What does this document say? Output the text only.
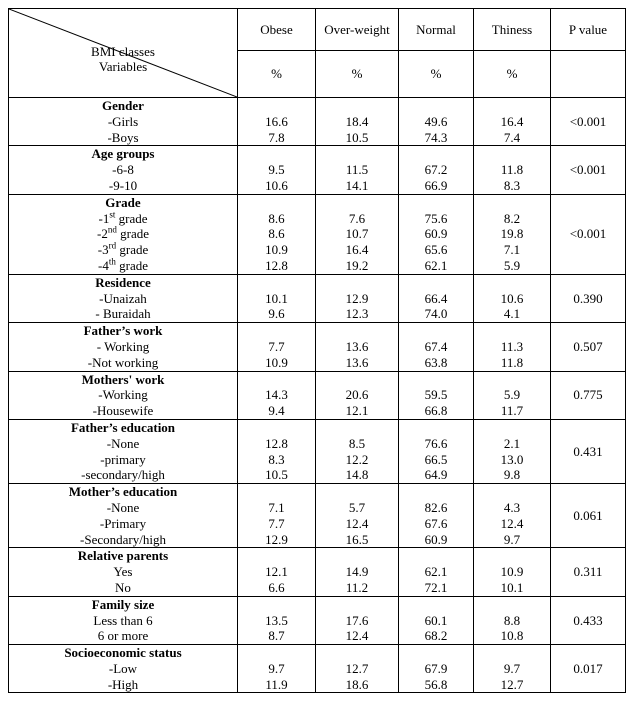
BMI classes
Variables	Obese	Over-weight	Normal	Thiness	P value
	%	%	%	%	
Gender					<0.001
-Girls	16.6	18.4	49.6	16.4	
-Boys	7.8	10.5	74.3	7.4	
Age groups					<0.001
-6-8	9.5	11.5	67.2	11.8	
-9-10	10.6	14.1	66.9	8.3	
Grade					<0.001
-1st grade	8.6	7.6	75.6	8.2	
-2nd grade	8.6	10.7	60.9	19.8	
-3rd grade	10.9	16.4	65.6	7.1	
-4th grade	12.8	19.2	62.1	5.9	
Residence					0.390
-Unaizah	10.1	12.9	66.4	10.6	
- Buraidah	9.6	12.3	74.0	4.1	
Father’s work					0.507
- Working	7.7	13.6	67.4	11.3	
-Not working	10.9	13.6	63.8	11.8	
Mothers' work					0.775
-Working	14.3	20.6	59.5	5.9	
-Housewife	9.4	12.1	66.8	11.7	
Father’s education					0.431
-None	12.8	8.5	76.6	2.1	
-primary	8.3	12.2	66.5	13.0	
-secondary/high	10.5	14.8	64.9	9.8	
Mother’s education					0.061
-None	7.1	5.7	82.6	4.3	
-Primary	7.7	12.4	67.6	12.4	
-Secondary/high	12.9	16.5	60.9	9.7	
Relative parents					0.311
Yes	12.1	14.9	62.1	10.9	
No	6.6	11.2	72.1	10.1	
Family size					0.433
Less than 6	13.5	17.6	60.1	8.8	
6 or more	8.7	12.4	68.2	10.8	
Socioeconomic status					0.017
-Low	9.7	12.7	67.9	9.7	
-High	11.9	18.6	56.8	12.7	
